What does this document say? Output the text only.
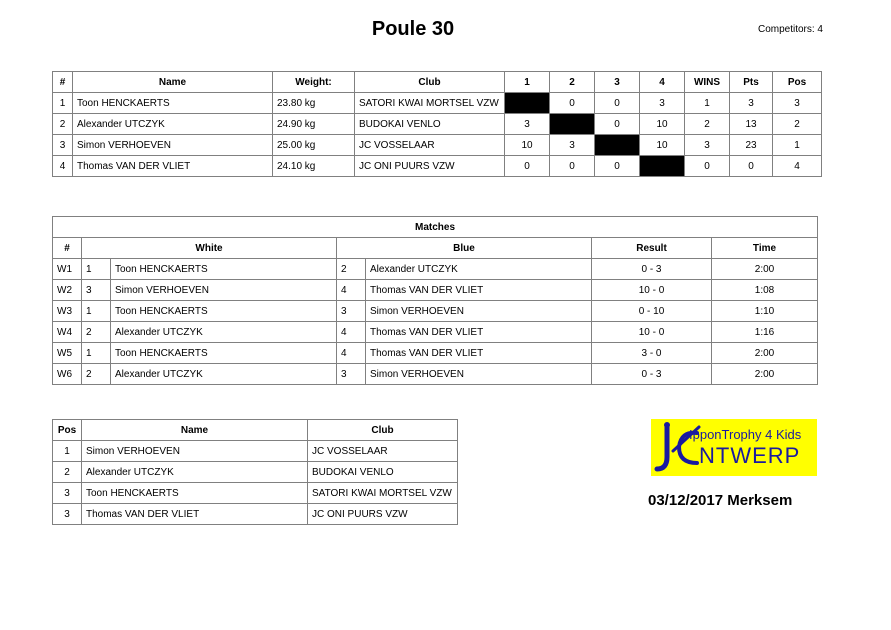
Poule 30	Competitors: 4
#	Name	Weight:	Club	1	2	3	4	WINS	Pts	Pos
1	Toon HENCKAERTS	23.80 kg	SATORI KWAI MORTSEL VZW		0	0	3	1	3	3
2	Alexander UTCZYK	24.90 kg	BUDOKAI VENLO	3		0	10	2	13	2
3	Simon VERHOEVEN	25.00 kg	JC VOSSELAAR	10	3		10	3	23	1
4	Thomas VAN DER VLIET	24.10 kg	JC ONI PUURS VZW	0	0	0		0	0	4
Matches						
#	White		Blue		Result	Time
W1	1	Toon HENCKAERTS	2	Alexander UTCZYK	0 - 3	2:00
W2	3	Simon VERHOEVEN	4	Thomas VAN DER VLIET	10 - 0	1:08
W3	1	Toon HENCKAERTS	3	Simon VERHOEVEN	0 - 10	1:10
W4	2	Alexander UTCZYK	4	Thomas VAN DER VLIET	10 - 0	1:16
W5	1	Toon HENCKAERTS	4	Thomas VAN DER VLIET	3 - 0	2:00
W6	2	Alexander UTCZYK	3	Simon VERHOEVEN	0 - 3	2:00
Pos	Name	Club
1	Simon VERHOEVEN	JC VOSSELAAR
2	Alexander UTCZYK	BUDOKAI VENLO
3	Toon HENCKAERTS	SATORI KWAI MORTSEL VZW
3	Thomas VAN DER VLIET	JC ONI PUURS VZW
IpponTrophy 4 Kids
NTWERP
03/12/2017 Merksem
